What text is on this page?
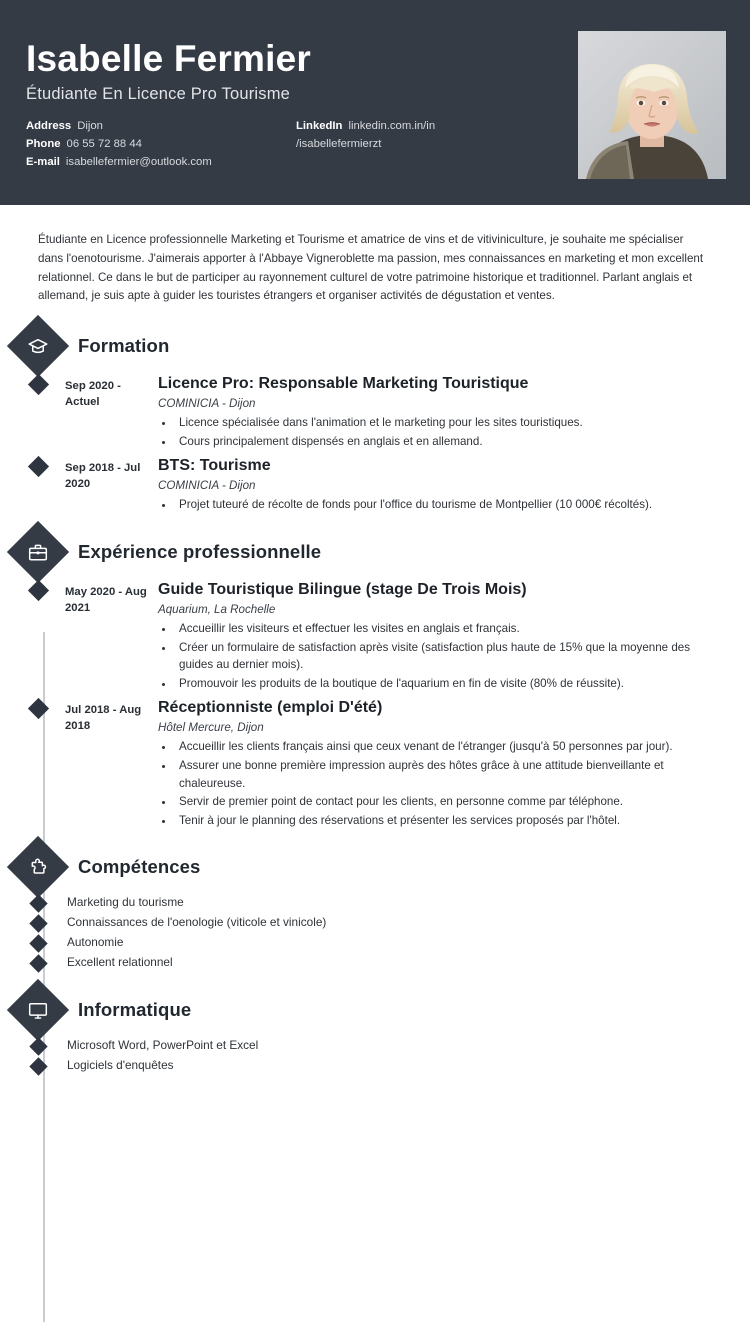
Isabelle Fermier
Étudiante En Licence Pro Tourisme
Address Dijon
Phone 06 55 72 88 44
E-mail isabellefermier@outlook.com
LinkedIn linkedin.com.in/in
/isabellefermierzt
Étudiante en Licence professionnelle Marketing et Tourisme et amatrice de vins et de vitiviniculture, je souhaite me spécialiser dans l'oenotourisme. J'aimerais apporter à l'Abbaye Vigneroblette ma passion, mes connaissances en marketing et mon excellent relationnel. Ce dans le but de participer au rayonnement culturel de votre patrimoine historique et traditionnel. Parlant anglais et allemand, je suis apte à guider les touristes étrangers et organiser activités de dégustation et ventes.
Formation
Sep 2020 - Actuel
Licence Pro: Responsable Marketing Touristique
COMINICIA - Dijon
• Licence spécialisée dans l'animation et le marketing pour les sites touristiques.
• Cours principalement dispensés en anglais et en allemand.
Sep 2018 - Jul 2020
BTS: Tourisme
COMINICIA - Dijon
• Projet tuteuré de récolte de fonds pour l'office du tourisme de Montpellier (10 000€ récoltés).
Expérience professionnelle
May 2020 - Aug 2021
Guide Touristique Bilingue (stage De Trois Mois)
Aquarium, La Rochelle
• Accueillir les visiteurs et effectuer les visites en anglais et français.
• Créer un formulaire de satisfaction après visite (satisfaction plus haute de 15% que la moyenne des guides au dernier mois).
• Promouvoir les produits de la boutique de l'aquarium en fin de visite (80% de réussite).
Jul 2018 - Aug 2018
Réceptionniste (emploi D'été)
Hôtel Mercure, Dijon
• Accueillir les clients français ainsi que ceux venant de l'étranger (jusqu'à 50 personnes par jour).
• Assurer une bonne première impression auprès des hôtes grâce à une attitude bienveillante et chaleureuse.
• Servir de premier point de contact pour les clients, en personne comme par téléphone.
• Tenir à jour le planning des réservations et présenter les services proposés par l'hôtel.
Compétences
Marketing du tourisme
Connaissances de l'oenologie (viticole et vinicole)
Autonomie
Excellent relationnel
Informatique
Microsoft Word, PowerPoint et Excel
Logiciels d'enquêtes
